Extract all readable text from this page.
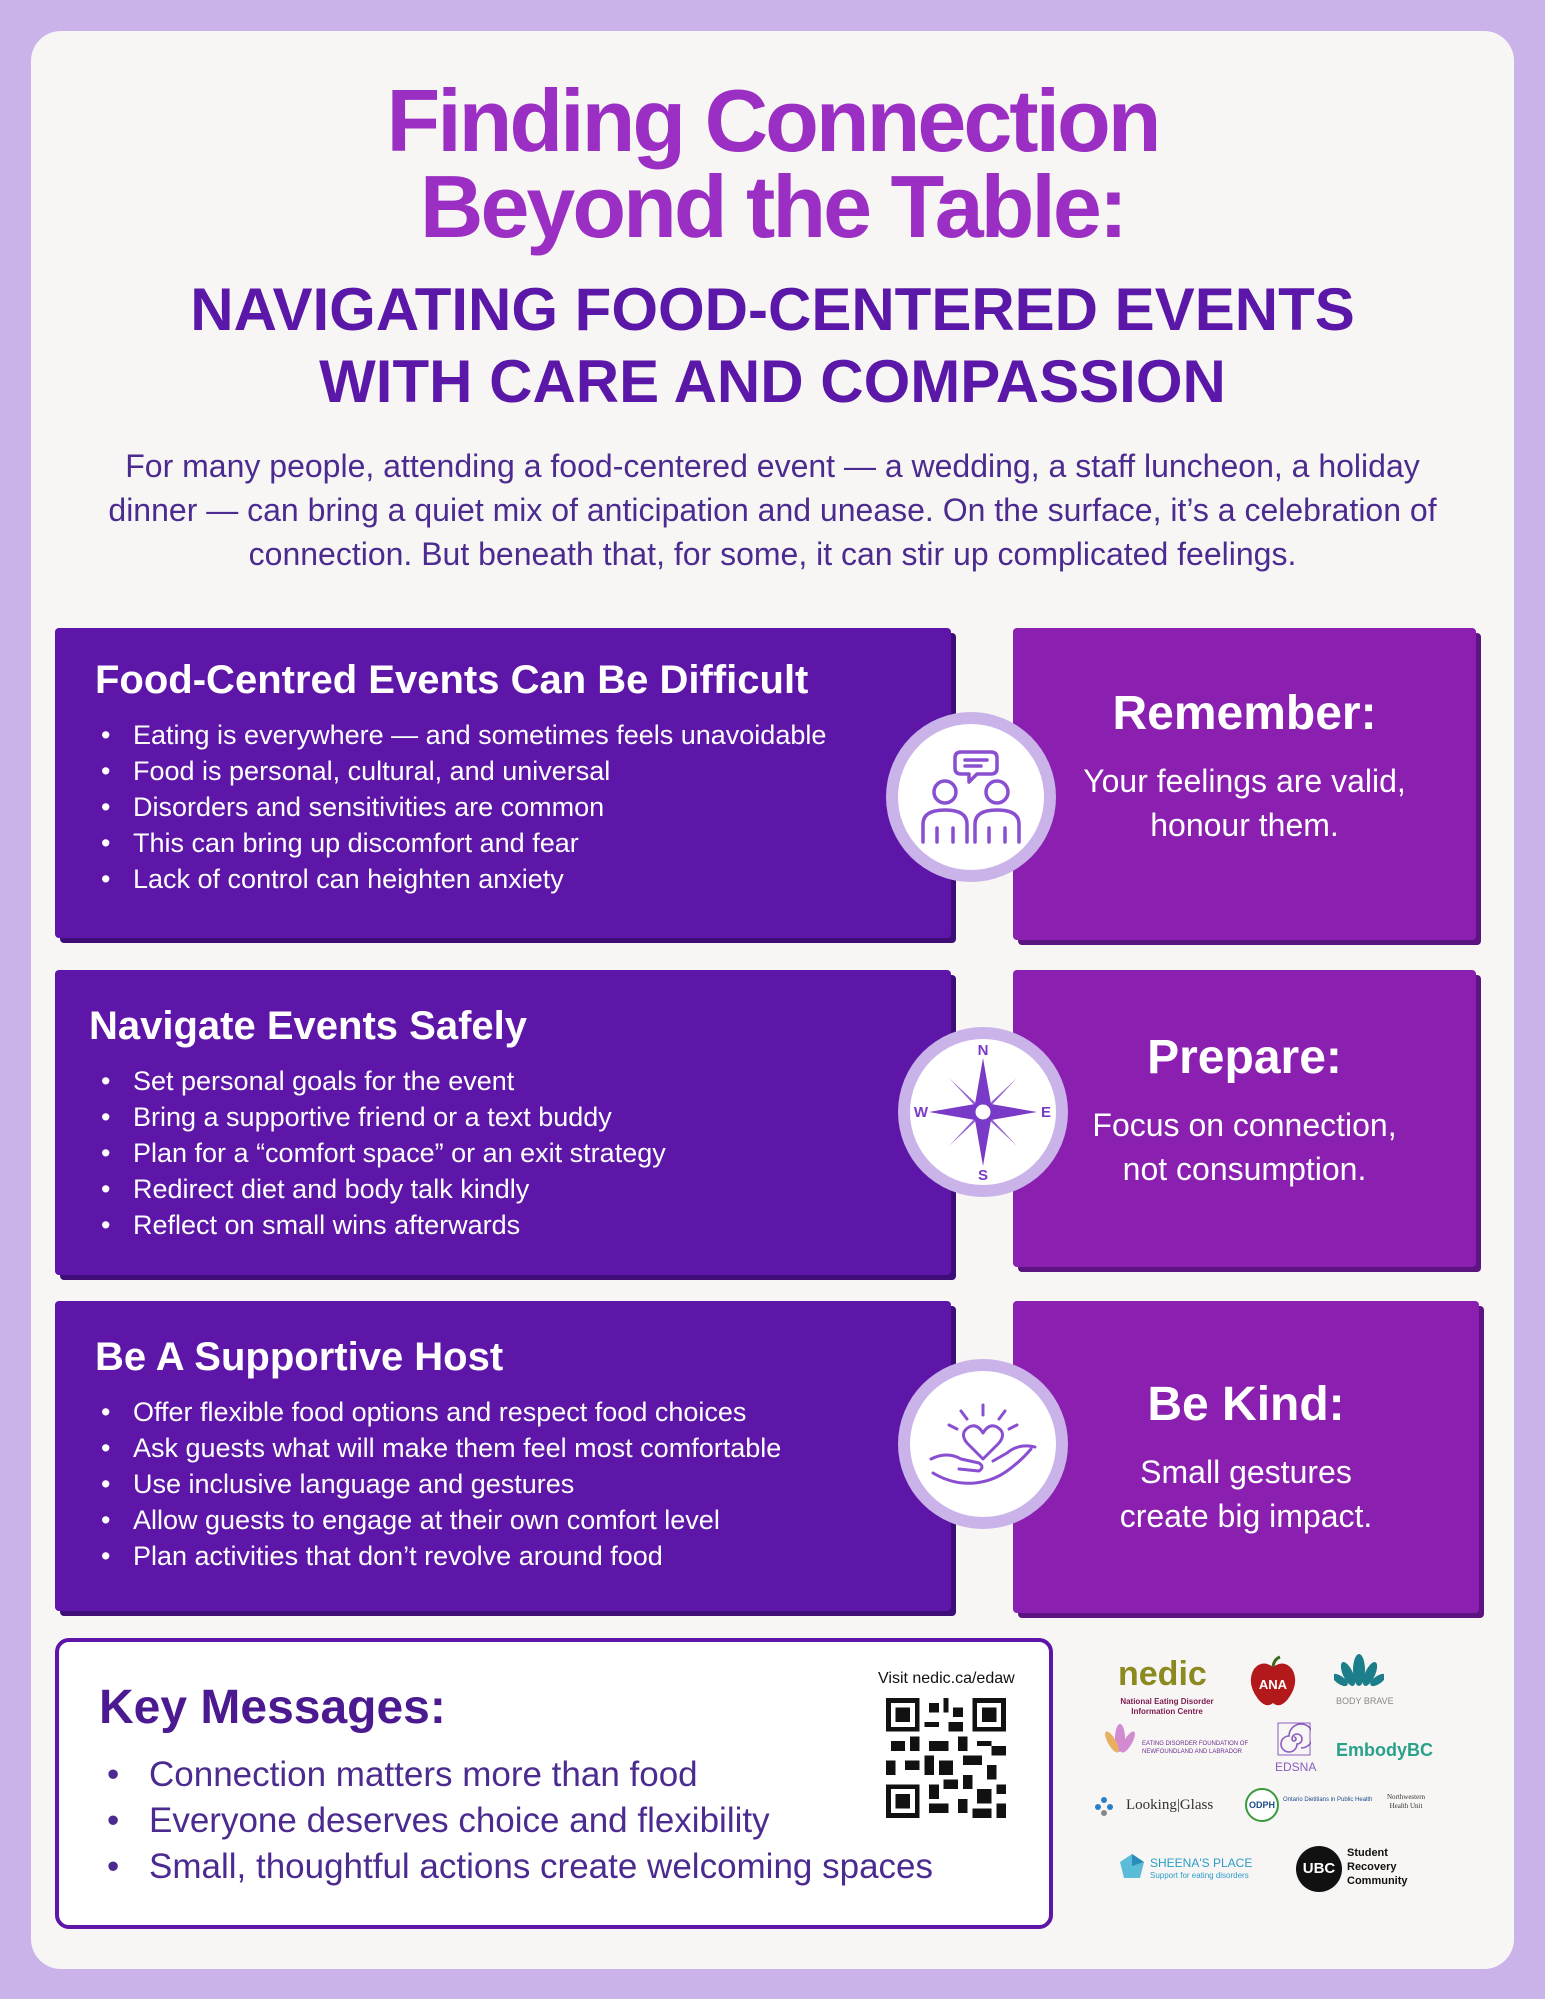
Finding Connection
Beyond the Table:
NAVIGATING FOOD-CENTERED EVENTS
WITH CARE AND COMPASSION

For many people, attending a food-centered event — a wedding, a staff luncheon, a holiday dinner — can bring a quiet mix of anticipation and unease. On the surface, it’s a celebration of connection. But beneath that, for some, it can stir up complicated feelings.

Food-Centred Events Can Be Difficult
• Eating is everywhere — and sometimes feels unavoidable
• Food is personal, cultural, and universal
• Disorders and sensitivities are common
• This can bring up discomfort and fear
• Lack of control can heighten anxiety
Remember:

Your feelings are valid, honour them.

Navigate Events Safely
• Set personal goals for the event
• Bring a supportive friend or a text buddy
• Plan for a “comfort space” or an exit strategy
• Redirect diet and body talk kindly
• Reflect on small wins afterwards
Prepare:

Focus on connection, not consumption.

N
S
W	E
Be A Supportive Host
• Offer flexible food options and respect food choices
• Ask guests what will make them feel most comfortable
• Use inclusive language and gestures
• Allow guests to engage at their own comfort level
• Plan activities that don’t revolve around food
Be Kind:

Small gestures create big impact.

Key Messages:
• Connection matters more than food
• Everyone deserves choice and flexibility
• Small, thoughtful actions create welcoming spaces
Visit nedic.ca/edaw	nedic
National Eating Disorder Information Centre
ANA
BODY BRAVE
EATING DISORDER FOUNDATION OF NEWFOUNDLAND AND LABRADOR
EDSNA
EmbodyBC
Looking|Glass	ODPH	Ontario Dietitians in Public Health	Northwestern Health Unit
SHEENA'S PLACE
Support for eating disorders	UBC
Student
Recovery
Community
